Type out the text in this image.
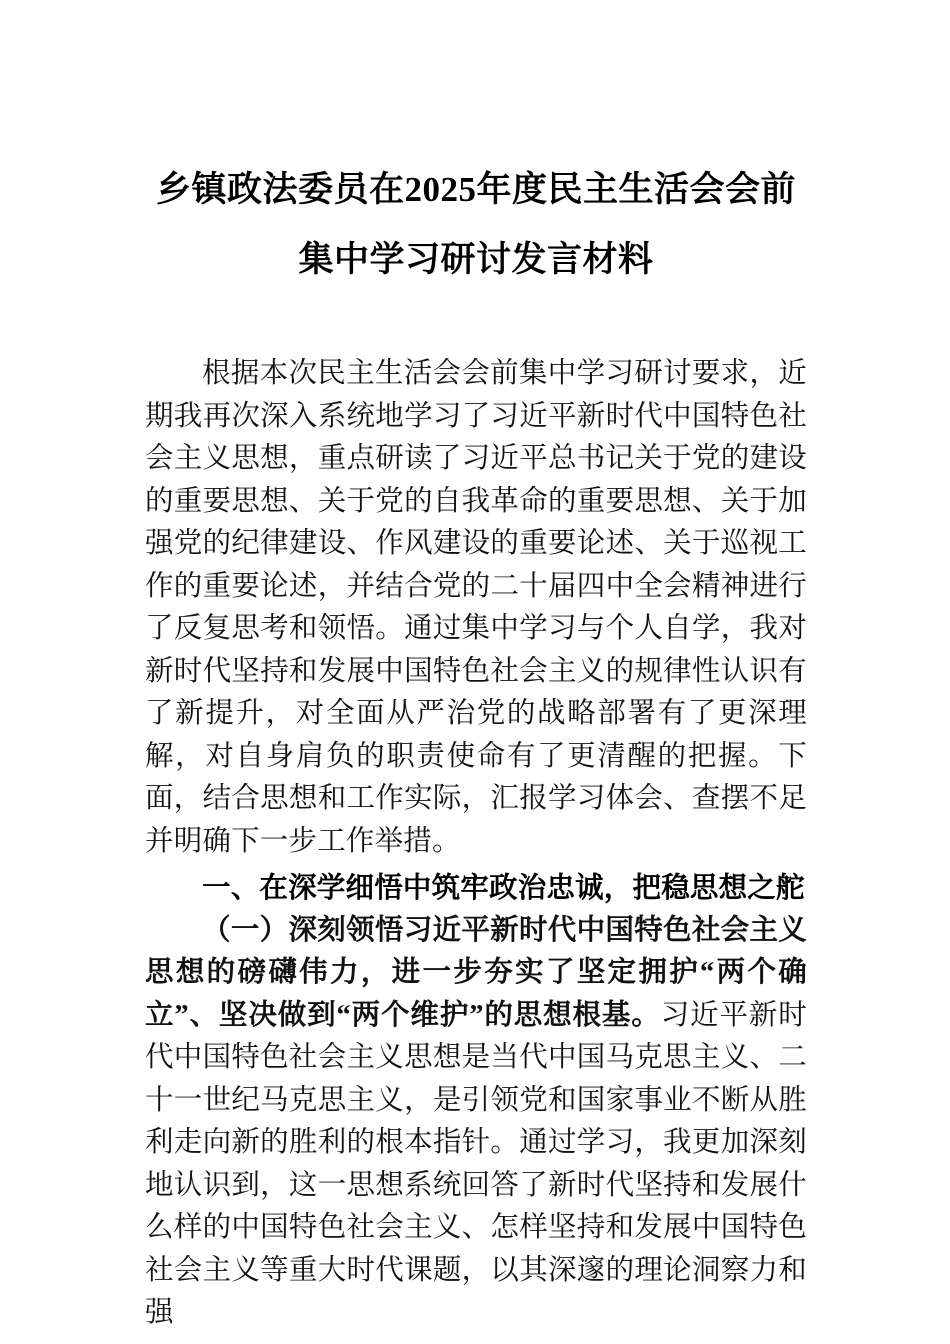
乡镇政法委员在2025年度民主生活会会前集中学习研讨发言材料

根据本次民主生活会会前集中学习研讨要求，近期我再次深入系统地学习了习近平新时代中国特色社会主义思想，重点研读了习近平总书记关于党的建设的重要思想、关于党的自我革命的重要思想、关于加强党的纪律建设、作风建设的重要论述、关于巡视工作的重要论述，并结合党的二十届四中全会精神进行了反复思考和领悟。通过集中学习与个人自学，我对新时代坚持和发展中国特色社会主义的规律性认识有了新提升，对全面从严治党的战略部署有了更深理解，对自身肩负的职责使命有了更清醒的把握。下面，结合思想和工作实际，汇报学习体会、查摆不足并明确下一步工作举措。

一、在深学细悟中筑牢政治忠诚，把稳思想之舵

（一）深刻领悟习近平新时代中国特色社会主义思想的磅礴伟力，进一步夯实了坚定拥护“两个确立”、坚决做到“两个维护”的思想根基。习近平新时代中国特色社会主义思想是当代中国马克思主义、二十一世纪马克思主义，是引领党和国家事业不断从胜利走向新的胜利的根本指针。通过学习，我更加深刻地认识到，这一思想系统回答了新时代坚持和发展什么样的中国特色社会主义、怎样坚持和发展中国特色社会主义等重大时代课题，以其深邃的理论洞察力和强
